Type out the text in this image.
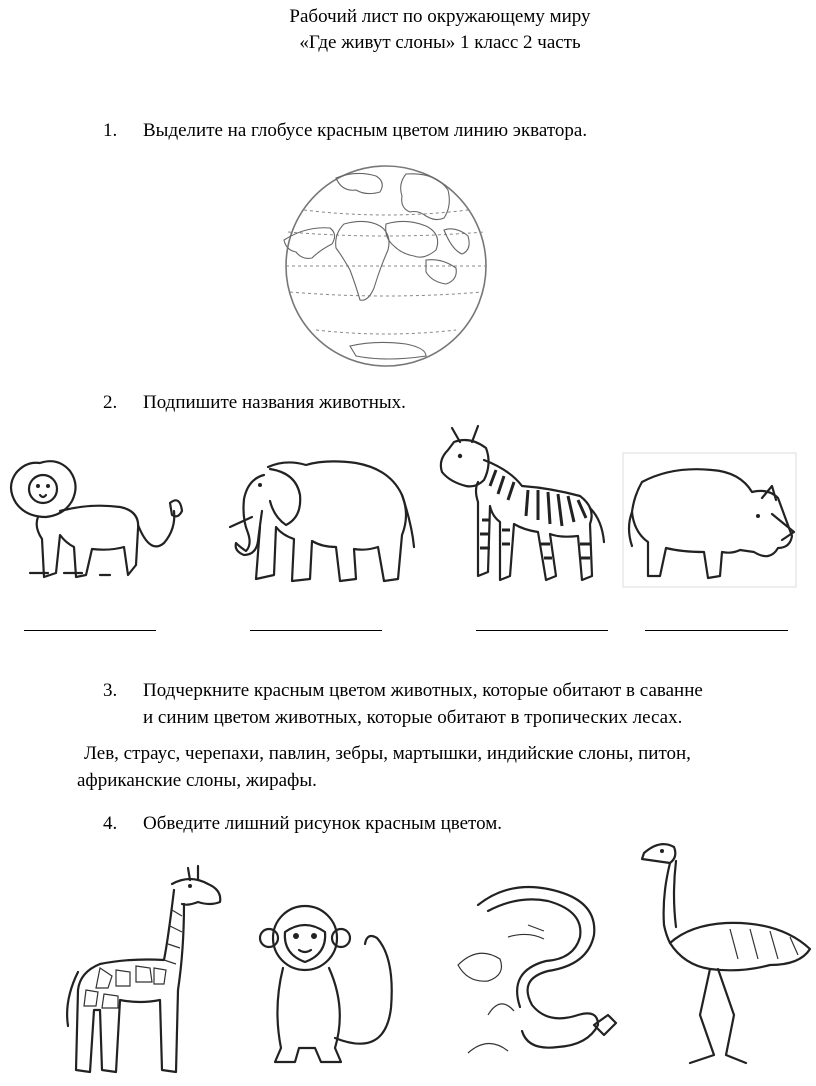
Рабочий лист по окружающему миру
«Где живут слоны» 1 класс 2 часть
1. Выделите на глобусе красным цветом линию экватора.
2. Подпишите названия животных.
3. Подчеркните красным цветом животных, которые обитают в саванне
и синим цветом животных, которые обитают в тропических лесах.
Лев, страус, черепахи, павлин, зебры, мартышки, индийские слоны, питон,
африканские слоны, жирафы.
4. Обведите лишний рисунок красным цветом.
